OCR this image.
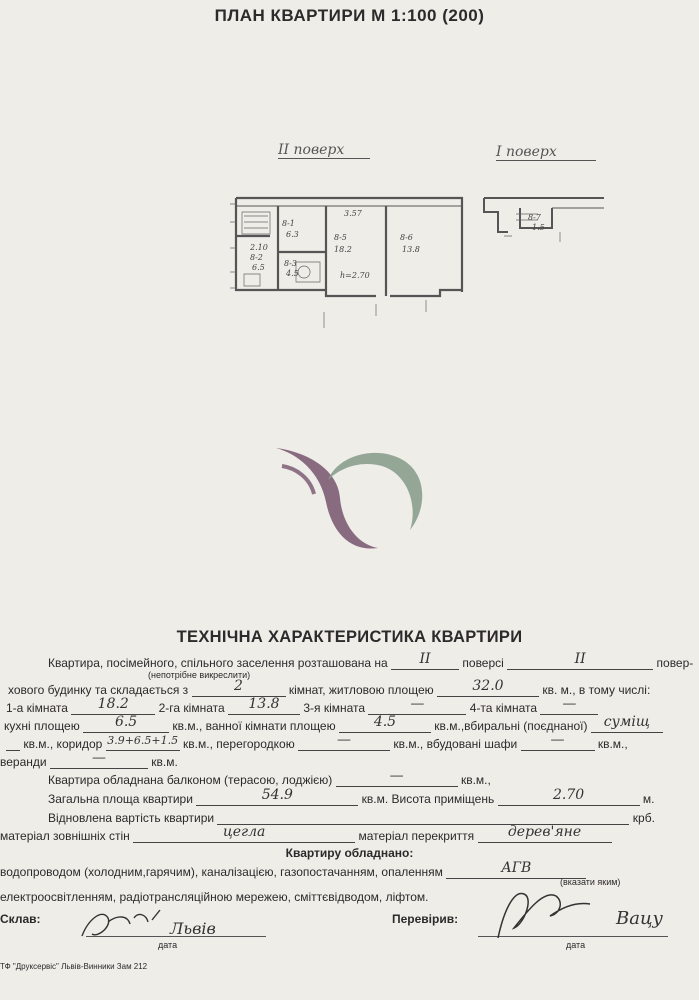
ПЛАН КВАРТИРИ М 1:100 (200)
II поверх	I поверх
8-1
6.3
2.10
8-2
6.5 8-3
4.5
3.57
8-5
18.2
h=2.70
8-6
13.8
8-7
1.5
ТЕХНІЧНА ХАРАКТЕРИСТИКА КВАРТИРИ
Квартира, посімейного, спільного заселення розташована на II	поверсі	II	повер-
(непотрібне викреслити)
хового будинку та складається з	2	кімнат, житловою площею	32.0	кв. м., в тому числі:
1-а кімната 18.2 2-га кімната 13.8 3-я кімната	—	4-та кімната —
кухні площею	6.5	кв.м., ванної кімнати площею	4.5	кв.м.,вбиральні (поєднаної) суміщ
кв.м., коридор 3.9+6.5+1.5 кв.м., перегородкою	—	кв.м., вбудовані шафи —	кв.м.,
веранди	—	кв.м.
Квартира обладнана балконом (терасою, лоджією)	—	кв.м.,
Загальна площа квартири	54.9	кв.м. Висота приміщень	2.70	м.
Відновлена вартість квартири	крб.
матеріал зовнішніх стін	цегла	матеріал перекриття дерев'яне
Квартиру обладнано:
водопроводом (холодним,гарячим), каналізацією, газопостачанням, опаленням	АГВ
(вказати яким)
електроосвітленням, радіотрансляційною мережею, сміттєвідводом, ліфтом.
Склав:
дата
Перевірив:
дата
Львів	Вацу
ТФ "Друксервіс" Львів-Винники Зам 212
